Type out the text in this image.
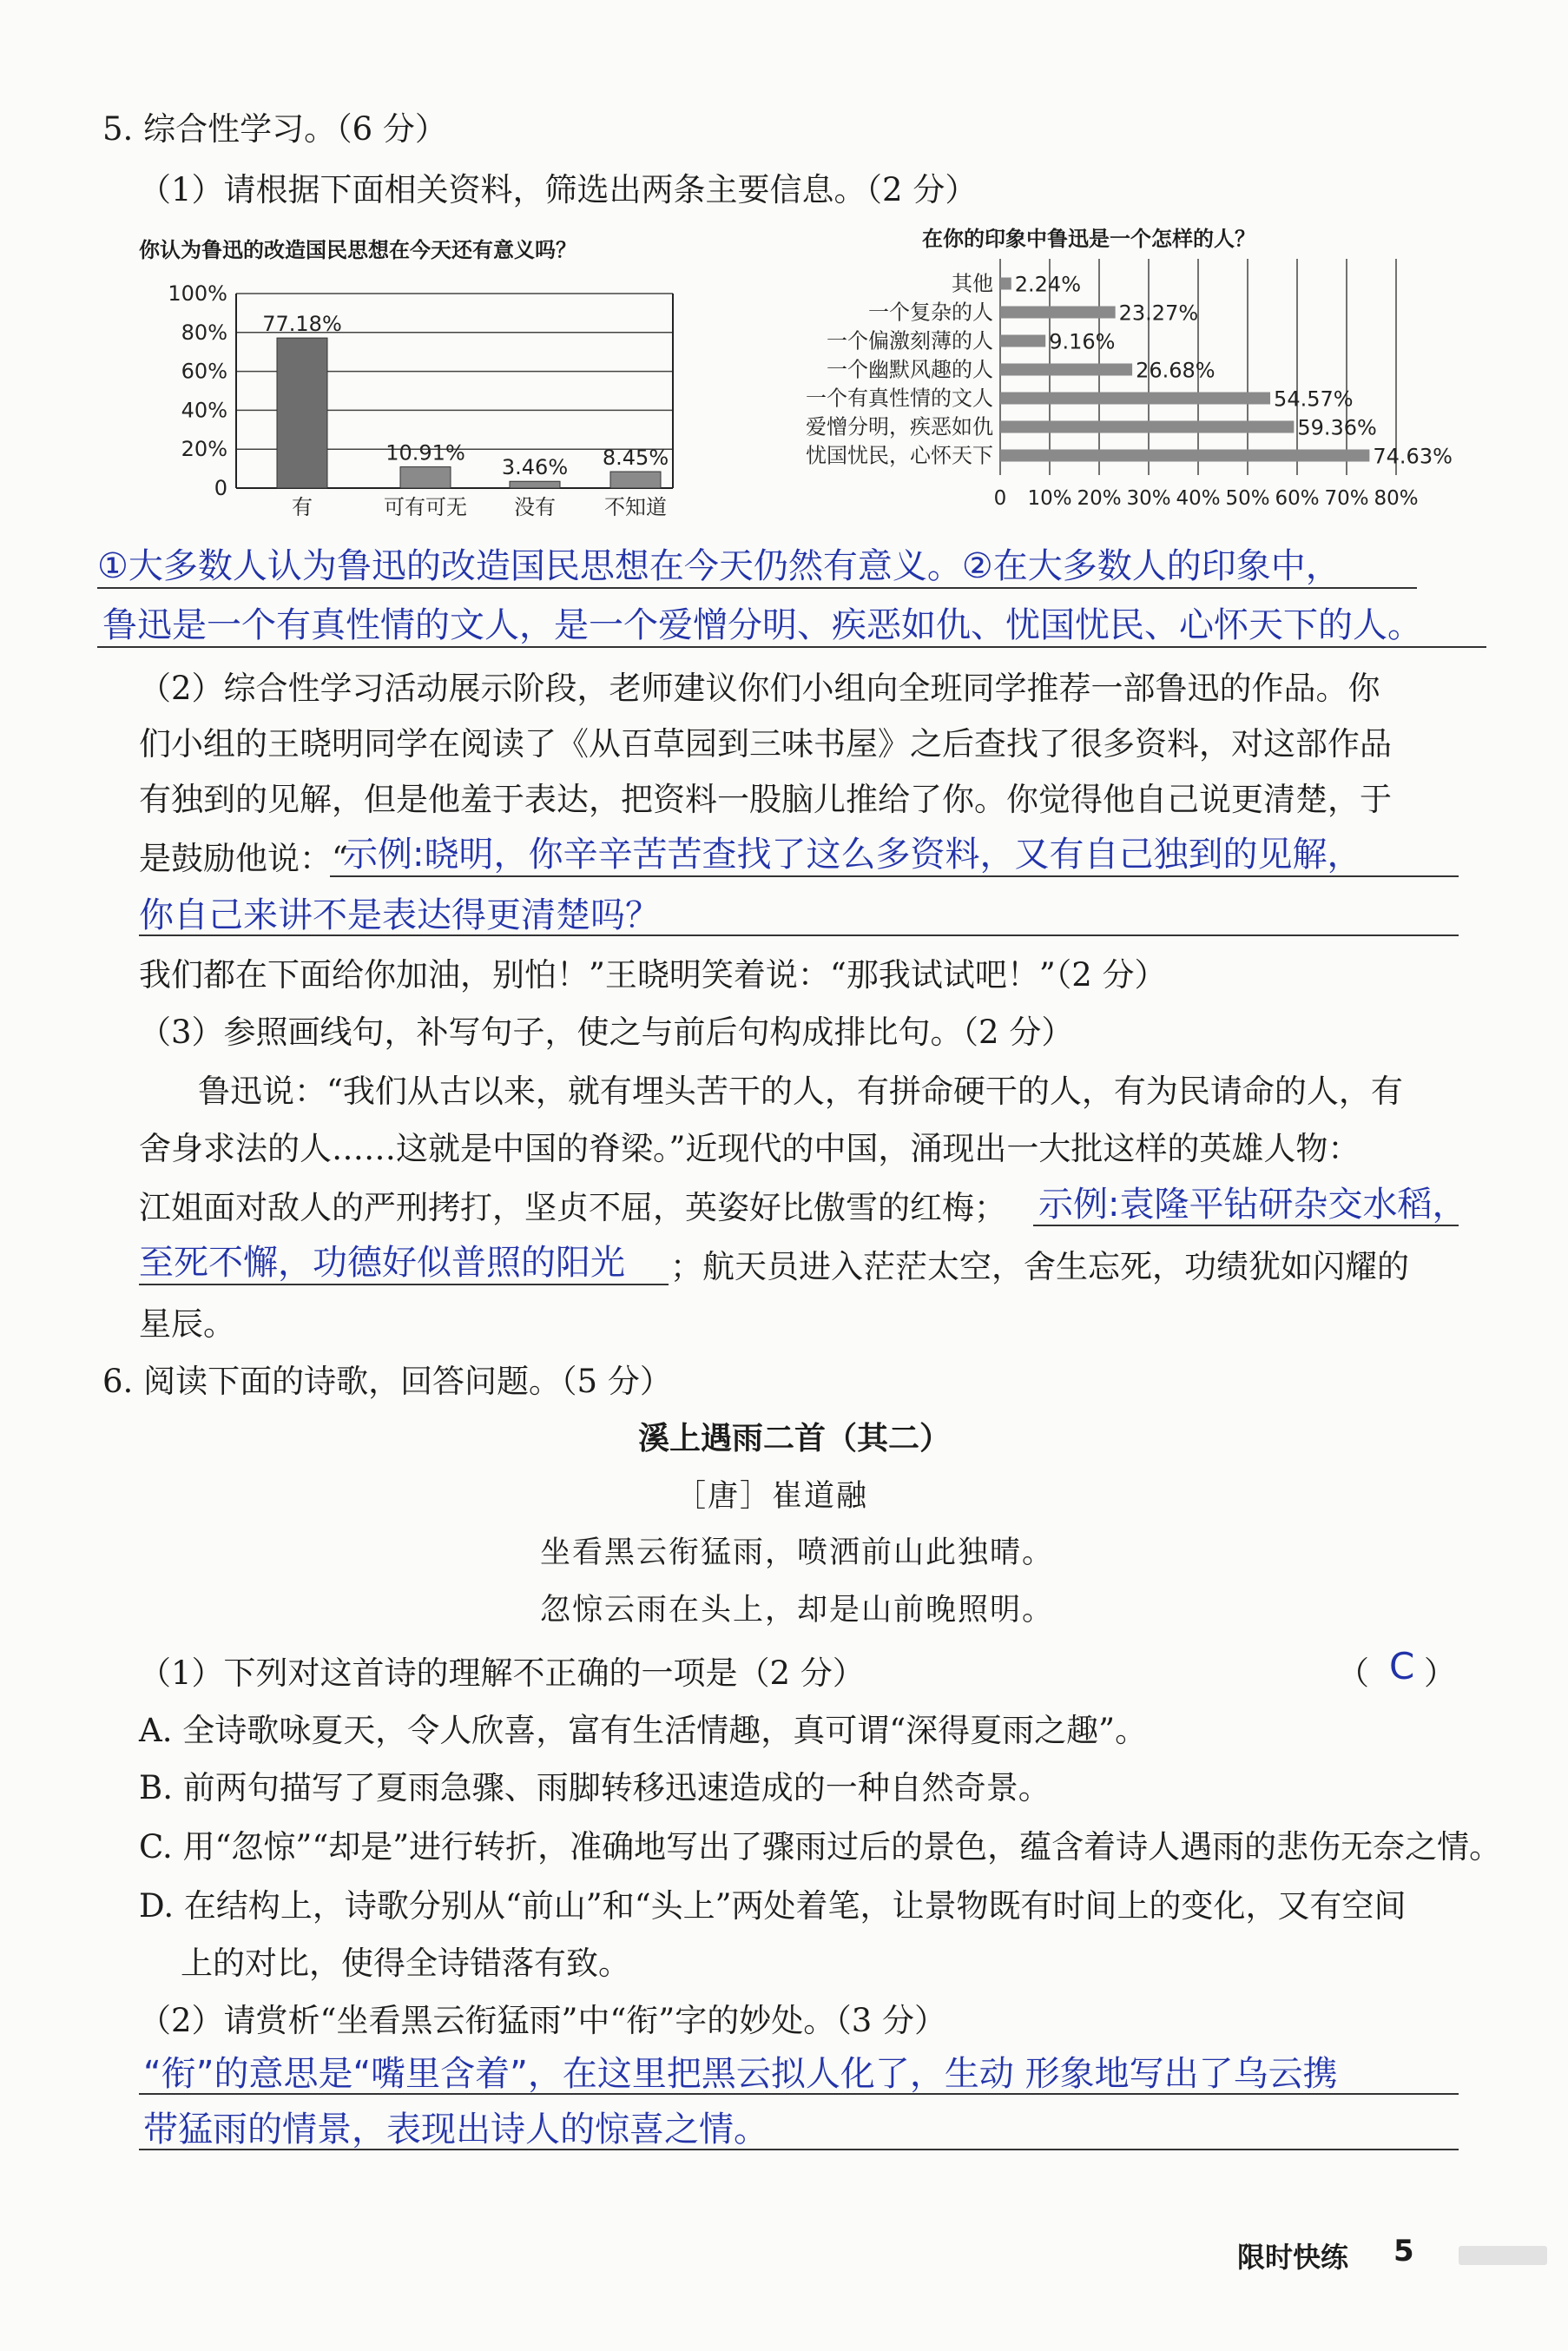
5. 综合性学习。（6 分）
（1）请根据下面相关资料，筛选出两条主要信息。（2 分）
你认为鲁迅的改造国民思想在今天还有意义吗？
0
20%
40%
60%
80%
100%
有	可有可无 没有 不知道
77.18%
10.91%
3.46% 8.45%
在你的印象中鲁迅是一个怎样的人？
其他
一个复杂的人
一个偏激刻薄的人
一个幽默风趣的人
一个有真性情的文人
爱憎分明，疾恶如仇
忧国忧民，心怀天下
0 10% 20% 30% 40% 50% 60% 70% 80%
2.24%
23.27%
9.16%
26.68%
54.57%
59.36%
74.63%
①大多数人认为鲁迅的改造国民思想在今天仍然有意义。②在大多数人的印象中，
鲁迅是一个有真性情的文人，是一个爱憎分明、疾恶如仇、忧国忧民、心怀天下的人。
（2）综合性学习活动展示阶段，老师建议你们小组向全班同学推荐一部鲁迅的作品。你
们小组的王晓明同学在阅读了《从百草园到三味书屋》之后查找了很多资料，对这部作品
有独到的见解，但是他羞于表达，把资料一股脑儿推给了你。你觉得他自己说更清楚，于
是鼓励他说：“
示例:晓明，你辛辛苦苦查找了这么多资料，又有自己独到的见解，
你自己来讲不是表达得更清楚吗？
我们都在下面给你加油，别怕！”王晓明笑着说：“那我试试吧！”（2 分）
（3）参照画线句，补写句子，使之与前后句构成排比句。（2 分）
鲁迅说：“我们从古以来，就有埋头苦干的人，有拼命硬干的人，有为民请命的人，有
舍身求法的人……这就是中国的脊梁。”近现代的中国，涌现出一大批这样的英雄人物：
江姐面对敌人的严刑拷打，坚贞不屈，英姿好比傲雪的红梅； 示例:袁隆平钻研杂交水稻，
至死不懈，功德好似普照的阳光 ；航天员进入茫茫太空，舍生忘死，功绩犹如闪耀的
星辰。
6. 阅读下面的诗歌，回答问题。（5 分）
溪上遇雨二首（其二）
［唐］崔道融
坐看黑云衔猛雨，喷洒前山此独晴。
忽惊云雨在头上，却是山前晚照明。
（1）下列对这首诗的理解不正确的一项是（2 分）	（ C ）
A. 全诗歌咏夏天，令人欣喜，富有生活情趣，真可谓“深得夏雨之趣”。
B. 前两句描写了夏雨急骤、雨脚转移迅速造成的一种自然奇景。
C. 用“忽惊”“却是”进行转折，准确地写出了骤雨过后的景色，蕴含着诗人遇雨的悲伤无奈之情。
D. 在结构上，诗歌分别从“前山”和“头上”两处着笔，让景物既有时间上的变化，又有空间
上的对比，使得全诗错落有致。
（2）请赏析“坐看黑云衔猛雨”中“衔”字的妙处。（3 分）
“衔”的意思是“嘴里含着”，在这里把黑云拟人化了，生动 形象地写出了乌云携
带猛雨的情景，表现出诗人的惊喜之情。
限时快练 5
